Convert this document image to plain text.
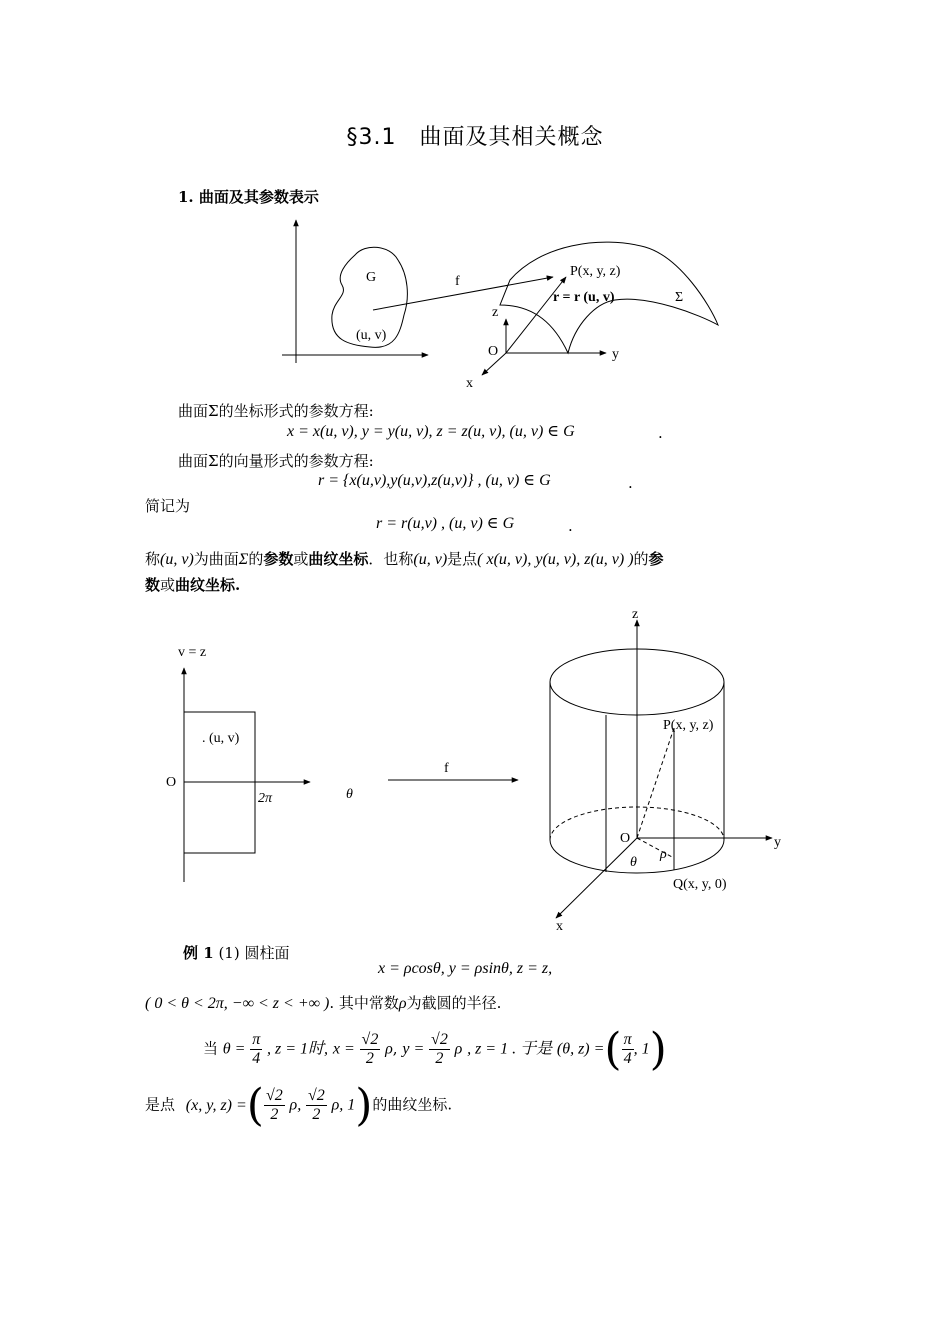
§3.1　曲面及其相关概念
1. 曲面及其参数表示
G
(u, v)
f
P(x, y, z)
r = r (u, v)	Σ
z
y
x
O
曲面Σ的坐标形式的参数方程:
x = x(u, v), y = y(u, v), z = z(u, v), (u, v) ∈ G	.
曲面Σ的向量形式的参数方程:
r = {x(u,v),y(u,v),z(u,v)} , (u, v) ∈ G	.
简记为
r = r(u,v) , (u, v) ∈ G	.
称(u, v)为曲面Σ的参数或曲纹坐标．也称(u, v)是点( x(u, v), y(u, v), z(u, v) )的参
数或曲纹坐标.
v = z
. (u, v)
O
2π	θ
f
z
y
x
O
P(x, y, z)
θ
ρ
Q(x, y, 0)
例 1 (1) 圆柱面
x = ρcosθ, y = ρsinθ, z = z,
( 0 < θ < 2π, −∞ < z < +∞ ). 其中常数ρ为截圆的半径.
当 $\theta = \frac{\pi}{4}$ , z = 1时, $x = \frac{√2}{2} \rho$, $y = \frac{√2}{2}$ ρ , z = 1 . 于是 (θ, z) =( $\frac{\pi}{4}$ , 1)
是点 (x, y, z) =( $\frac{√2}{2} \rho$, $\frac{√2}{2} \rho$, 1)的曲纹坐标.
